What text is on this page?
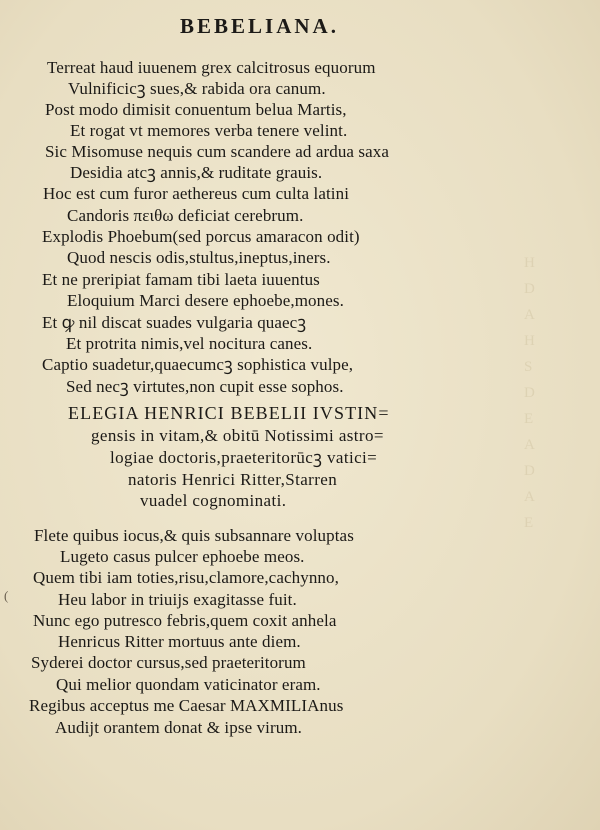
H
D
A
H
S
D
E
A
D
A
E
BEBELIANA.
Terreat haud iuuenem grex calcitrosus equorum
Vulnificicꝫ sues,& rabida ora canum.
Post modo dimisit conuentum belua Martis,
Et rogat vt memores verba tenere velint.
Sic Misomuse nequis cum scandere ad ardua saxa
Desidia atcꝫ annis,& ruditate grauis.
Hoc est cum furor aethereus cum culta latini
Candoris πειθω deficiat cerebrum.
Explodis Phoebum(sed porcus amaracon odit)
Quod nescis odis,stultus,ineptus,iners.
Et ne preripiat famam tibi laeta iuuentus
Eloquium Marci desere ephoebe,mones.
Et ꝙ nil discat suades vulgaria quaecꝫ
Et protrita nimis,vel nocitura canes.
Captio suadetur,quaecumcꝫ sophistica vulpe,
Sed necꝫ virtutes,non cupit esse sophos.
ELEGIA HENRICI BEBELII IVSTIN=
gensis in vitam,& obitū Notissimi astro=
logiae doctoris,praeteritorūcꝫ vatici=
natoris Henrici Ritter,Starren
vuadel cognominati.
Flete quibus iocus,& quis subsannare voluptas
Lugeto casus pulcer ephoebe meos.
Quem tibi iam toties,risu,clamore,cachynno,
Heu labor in triuijs exagitasse fuit.
Nunc ego putresco febris,quem coxit anhela
Henricus Ritter mortuus ante diem.
Syderei doctor cursus,sed praeteritorum
Qui melior quondam vaticinator eram.
Regibus acceptus me Caesar MAXMILIAnus
Audijt orantem donat & ipse virum.
(
